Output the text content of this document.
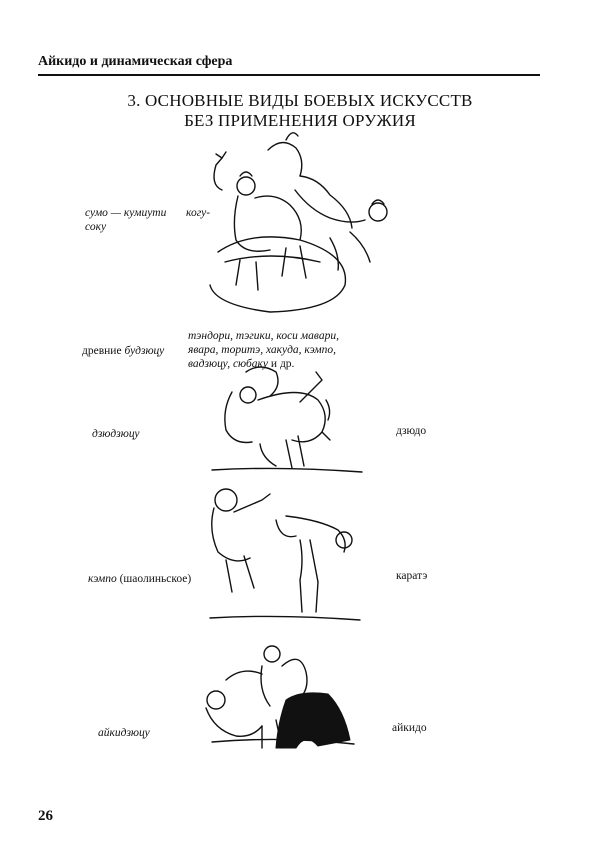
Айкидо и динамическая сфера
3. ОСНОВНЫЕ ВИДЫ БОЕВЫХ ИСКУССТВ
БЕЗ ПРИМЕНЕНИЯ ОРУЖИЯ
сумо — кумиути когу-
соку
древние будзюцу
тэндори, тэгики, коси мавари,
явара, торитэ, хакуда, кэмпо,
вадзюцу, сюбаку и др.
дзюдзюцу	дзюдо
кэмпо (шаолиньское)	каратэ
айкидзюцу	айкидо
26
